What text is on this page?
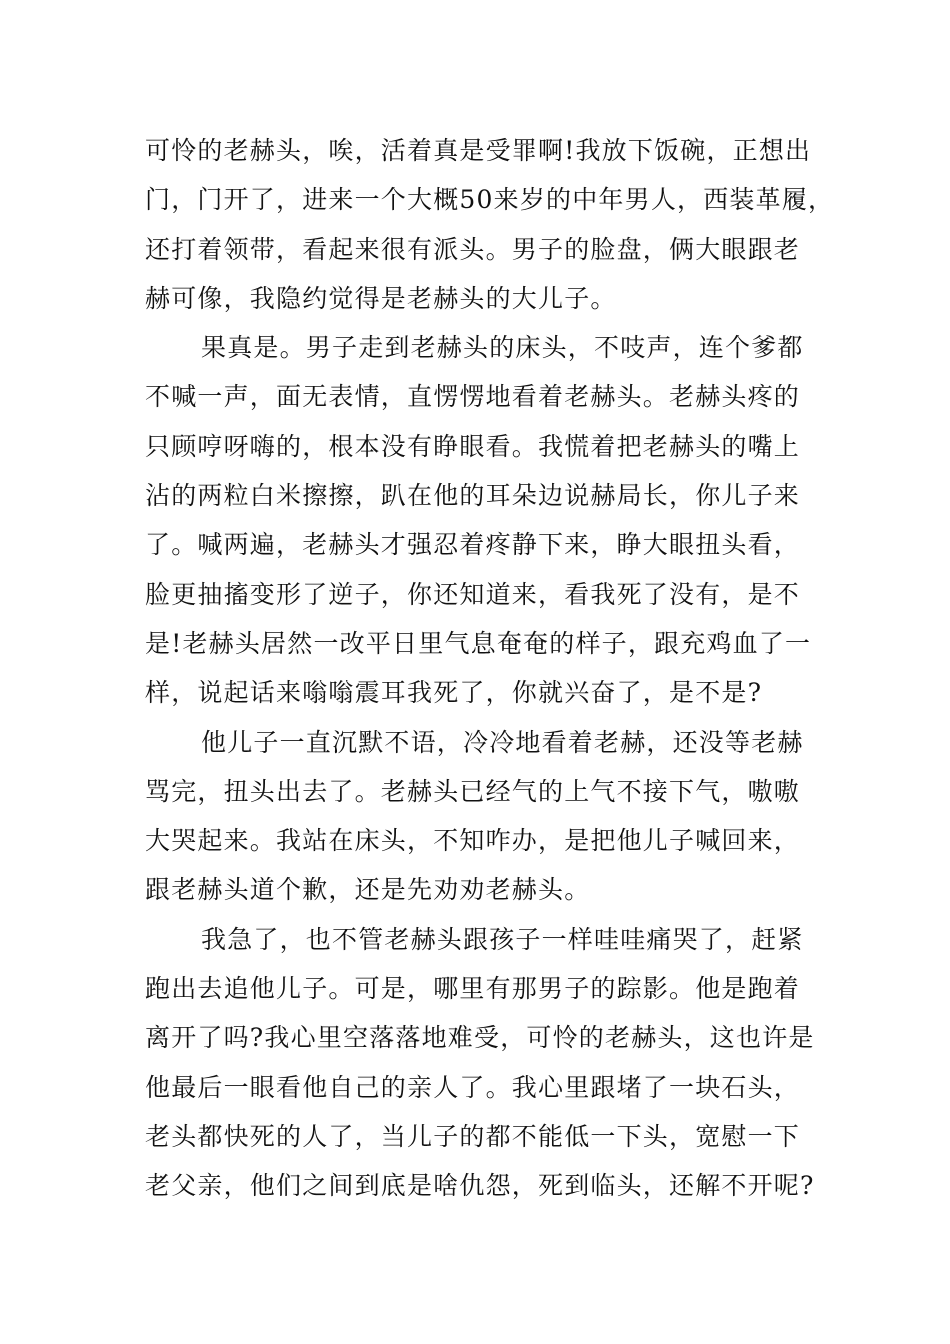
可怜的老赫头，唉，活着真是受罪啊!我放下饭碗，正想出
门，门开了，进来一个大概50来岁的中年男人，西装革履，
还打着领带，看起来很有派头。男子的脸盘，俩大眼跟老
赫可像，我隐约觉得是老赫头的大儿子。
果真是。男子走到老赫头的床头，不吱声，连个爹都
不喊一声，面无表情，直愣愣地看着老赫头。老赫头疼的
只顾哼呀嗨的，根本没有睁眼看。我慌着把老赫头的嘴上
沾的两粒白米擦擦，趴在他的耳朵边说赫局长，你儿子来
了。喊两遍，老赫头才强忍着疼静下来，睁大眼扭头看，
脸更抽搐变形了逆子，你还知道来，看我死了没有，是不
是!老赫头居然一改平日里气息奄奄的样子，跟充鸡血了一
样，说起话来嗡嗡震耳我死了，你就兴奋了，是不是?
他儿子一直沉默不语，冷冷地看着老赫，还没等老赫
骂完，扭头出去了。老赫头已经气的上气不接下气，嗷嗷
大哭起来。我站在床头，不知咋办，是把他儿子喊回来，
跟老赫头道个歉，还是先劝劝老赫头。
我急了，也不管老赫头跟孩子一样哇哇痛哭了，赶紧
跑出去追他儿子。可是，哪里有那男子的踪影。他是跑着
离开了吗?我心里空落落地难受，可怜的老赫头，这也许是
他最后一眼看他自己的亲人了。我心里跟堵了一块石头，
老头都快死的人了，当儿子的都不能低一下头，宽慰一下
老父亲，他们之间到底是啥仇怨，死到临头，还解不开呢?
